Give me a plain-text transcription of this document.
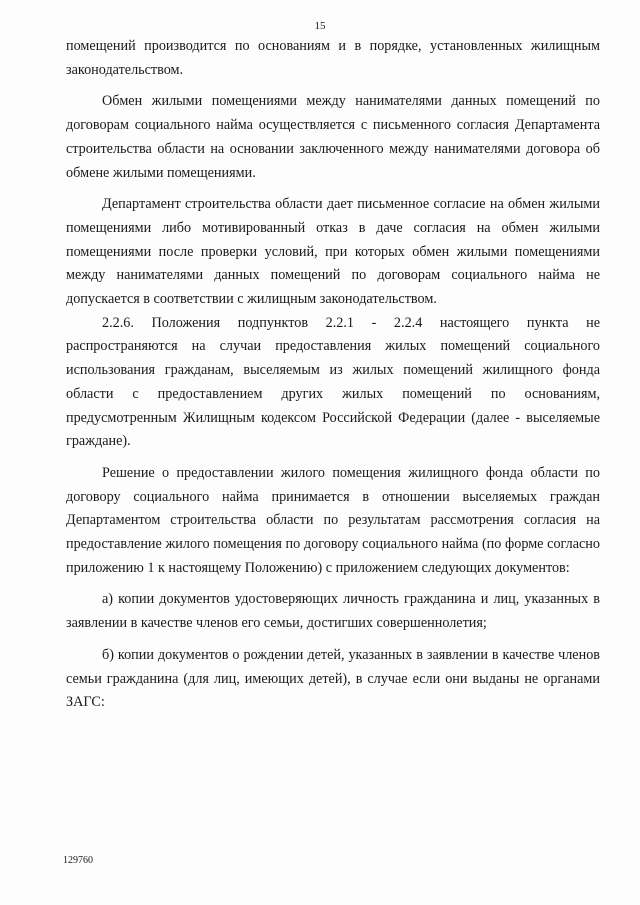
15

помещений производится по основаниям и в порядке, установленных жилищным законодательством.

Обмен жилыми помещениями между нанимателями данных помещений по договорам социального найма осуществляется с письменного согласия Департамента строительства области на основании заключенного между нанимателями договора об обмене жилыми помещениями.

Департамент строительства области дает письменное согласие на обмен жилыми помещениями либо мотивированный отказ в даче согласия на обмен жилыми помещениями после проверки условий, при которых обмен жилыми помещениями между нанимателями данных помещений по договорам социального найма не допускается в соответствии с жилищным законодательством.

2.2.6. Положения подпунктов 2.2.1 - 2.2.4 настоящего пункта не распространяются на случаи предоставления жилых помещений социального использования гражданам, выселяемым из жилых помещений жилищного фонда области с предоставлением других жилых помещений по основаниям, предусмотренным Жилищным кодексом Российской Федерации (далее - выселяемые граждане).

Решение о предоставлении жилого помещения жилищного фонда области по договору социального найма принимается в отношении выселяемых граждан Департаментом строительства области по результатам рассмотрения согласия на предоставление жилого помещения по договору социального найма (по форме согласно приложению 1 к настоящему Положению) с приложением следующих документов:

а) копии документов удостоверяющих личность гражданина и лиц, указанных в заявлении в качестве членов его семьи, достигших совершеннолетия;

б) копии документов о рождении детей, указанных в заявлении в качестве членов семьи гражданина (для лиц, имеющих детей), в случае если они выданы не органами ЗАГС:

129760
